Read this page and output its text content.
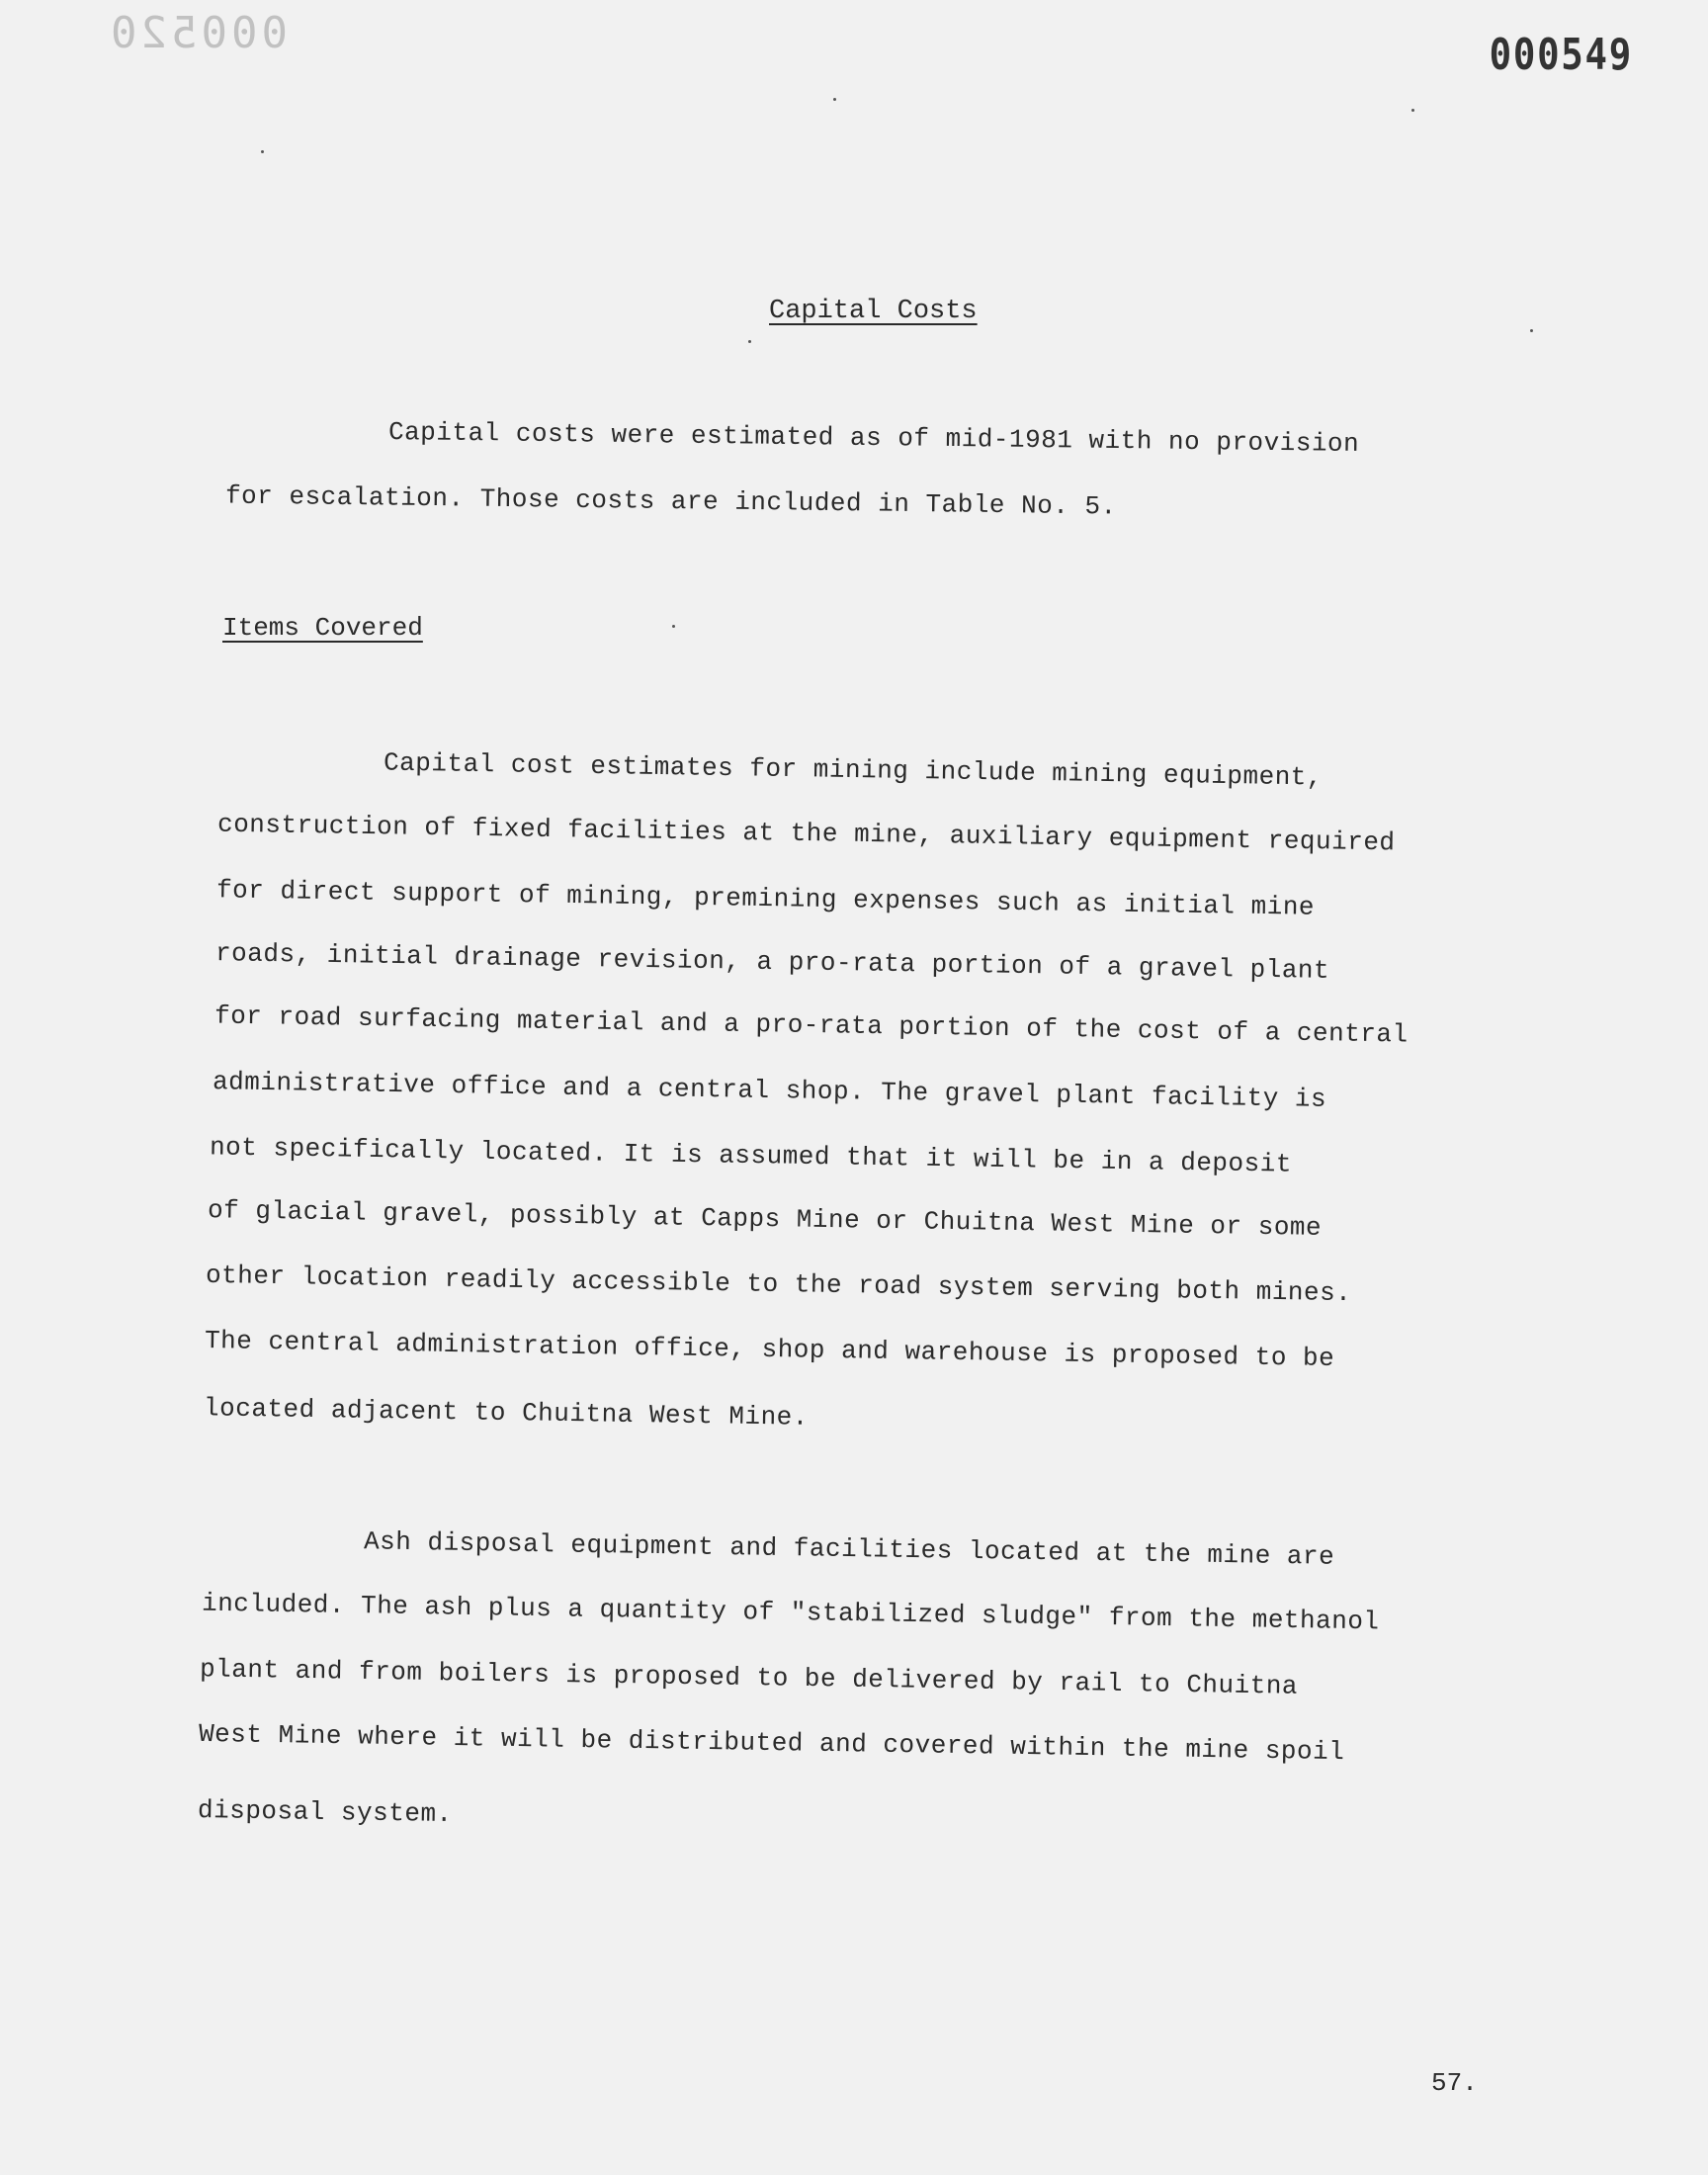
000520	000549
Capital Costs
Capital costs were estimated as of mid-1981 with no provision
for escalation. Those costs are included in Table No. 5.
Items Covered
Capital cost estimates for mining include mining equipment,
construction of fixed facilities at the mine, auxiliary equipment required
for direct support of mining, premining expenses such as initial mine
roads, initial drainage revision, a pro-rata portion of a gravel plant
for road surfacing material and a pro-rata portion of the cost of a central
administrative office and a central shop. The gravel plant facility is
not specifically located. It is assumed that it will be in a deposit
of glacial gravel, possibly at Capps Mine or Chuitna West Mine or some
other location readily accessible to the road system serving both mines.
The central administration office, shop and warehouse is proposed to be
located adjacent to Chuitna West Mine.
Ash disposal equipment and facilities located at the mine are
included. The ash plus a quantity of "stabilized sludge" from the methanol
plant and from boilers is proposed to be delivered by rail to Chuitna
West Mine where it will be distributed and covered within the mine spoil
disposal system.
57.
